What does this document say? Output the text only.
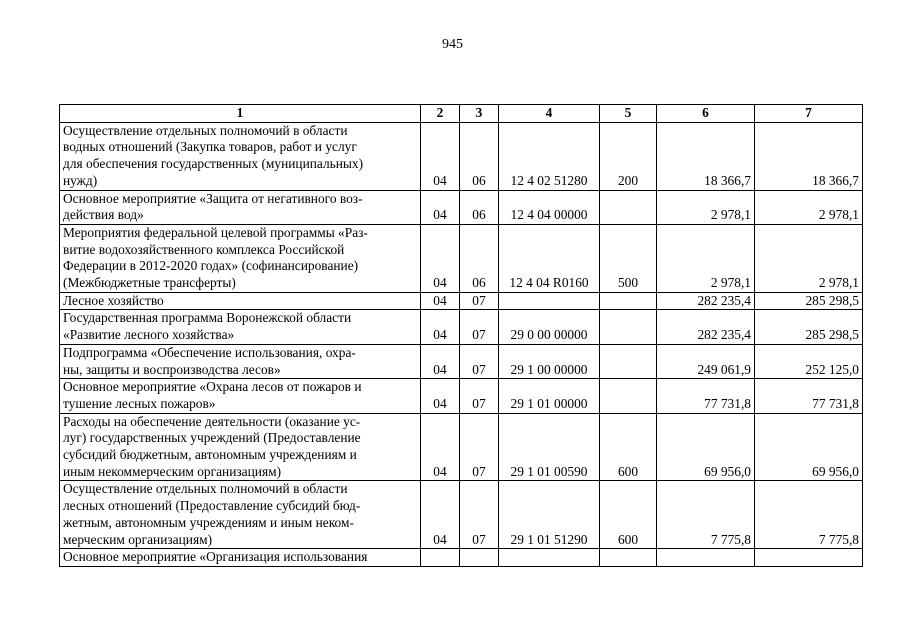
945
1	2	3	4	5	6	7

Осуществление отдельных полномочий в области
водных отношений (Закупка товаров, работ и услуг
для обеспечения государственных (муниципальных)
нужд)	04	06	12 4 02 51280	200	18 366,7	18 366,7

Основное мероприятие «Защита от негативного воз-
действия вод»	04	06	12 4 04 00000		2 978,1	2 978,1

Мероприятия федеральной целевой программы «Раз-
витие водохозяйственного комплекса Российской
Федерации в 2012-2020 годах» (софинансирование)
(Межбюджетные трансферты)	04	06	12 4 04 R0160	500	2 978,1	2 978,1

Лесное хозяйство	04	07			282 235,4	285 298,5

Государственная программа Воронежской области
«Развитие лесного хозяйства»	04	07	29 0 00 00000		282 235,4	285 298,5

Подпрограмма «Обеспечение использования, охра-
ны, защиты и воспроизводства лесов»	04	07	29 1 00 00000		249 061,9	252 125,0

Основное мероприятие «Охрана лесов от пожаров и
тушение лесных пожаров»	04	07	29 1 01 00000		77 731,8	77 731,8

Расходы на обеспечение деятельности (оказание ус-
луг) государственных учреждений (Предоставление
субсидий бюджетным, автономным учреждениям и
иным некоммерческим организациям)	04	07	29 1 01 00590	600	69 956,0	69 956,0

Осуществление отдельных полномочий в области
лесных отношений (Предоставление субсидий бюд-
жетным, автономным учреждениям и иным неком-
мерческим организациям)	04	07	29 1 01 51290	600	7 775,8	7 775,8

Основное мероприятие «Организация использования						
